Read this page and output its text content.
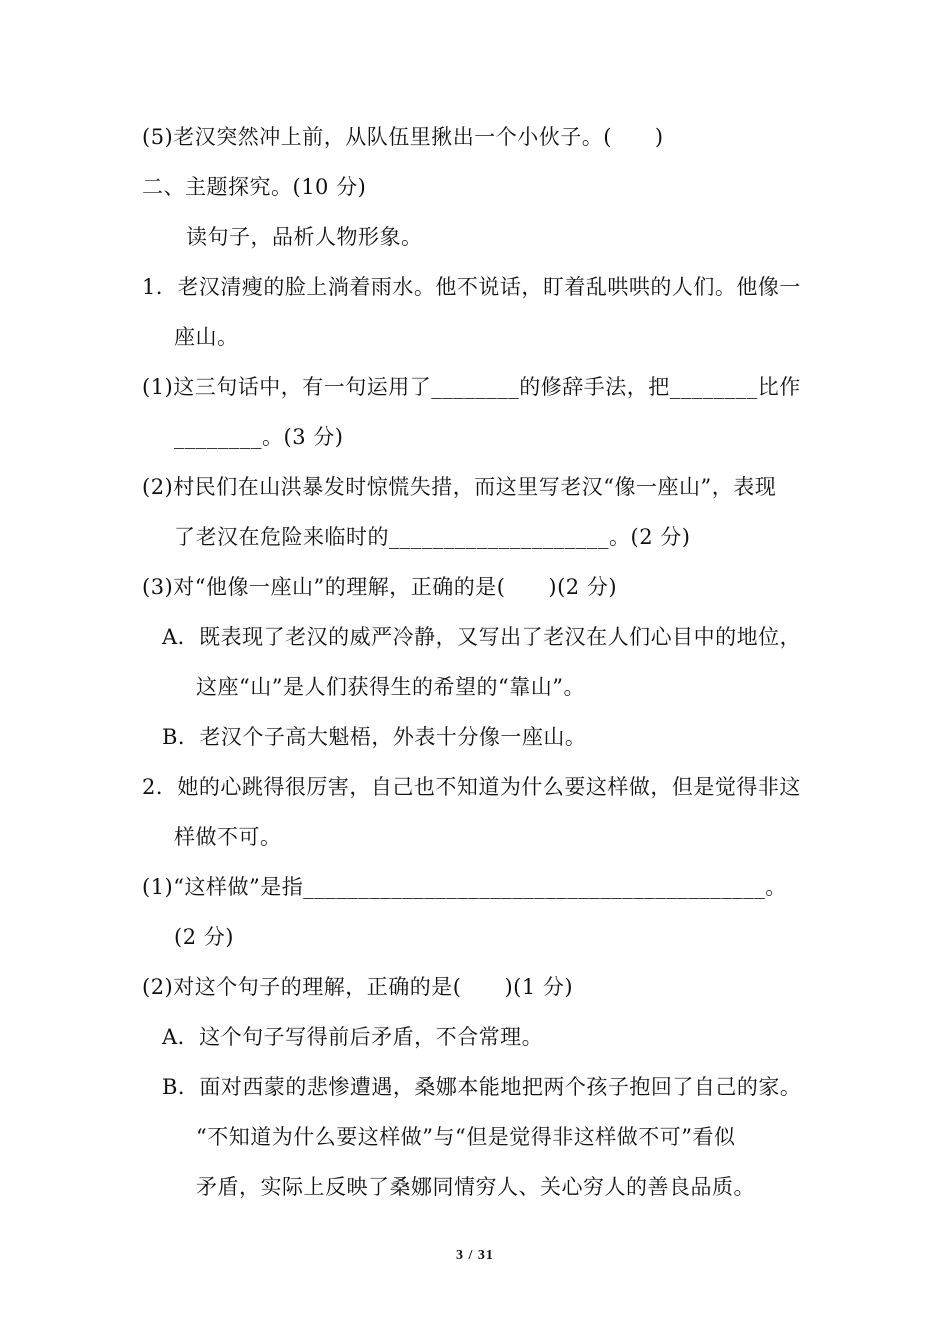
(5)老汉突然冲上前，从队伍里揪出一个小伙子。(　　)
二、主题探究。(10 分)
读句子，品析人物形象。
1．老汉清瘦的脸上淌着雨水。他不说话，盯着乱哄哄的人们。他像一
座山。
(1)这三句话中，有一句运用了________的修辞手法，把________比作
________。(3 分)
(2)村民们在山洪暴发时惊慌失措，而这里写老汉“像一座山”，表现
了老汉在危险来临时的____________________。(2 分)
(3)对“他像一座山”的理解，正确的是(　　)(2 分)
A．既表现了老汉的威严冷静，又写出了老汉在人们心目中的地位，
这座“山”是人们获得生的希望的“靠山”。
B．老汉个子高大魁梧，外表十分像一座山。
2．她的心跳得很厉害，自己也不知道为什么要这样做，但是觉得非这
样做不可。
(1)“这样做”是指__________________________________________。
(2 分)
(2)对这个句子的理解，正确的是(　　)(1 分)
A．这个句子写得前后矛盾，不合常理。
B．面对西蒙的悲惨遭遇，桑娜本能地把两个孩子抱回了自己的家。
“不知道为什么要这样做”与“但是觉得非这样做不可”看似
矛盾，实际上反映了桑娜同情穷人、关心穷人的善良品质。
3 / 31
